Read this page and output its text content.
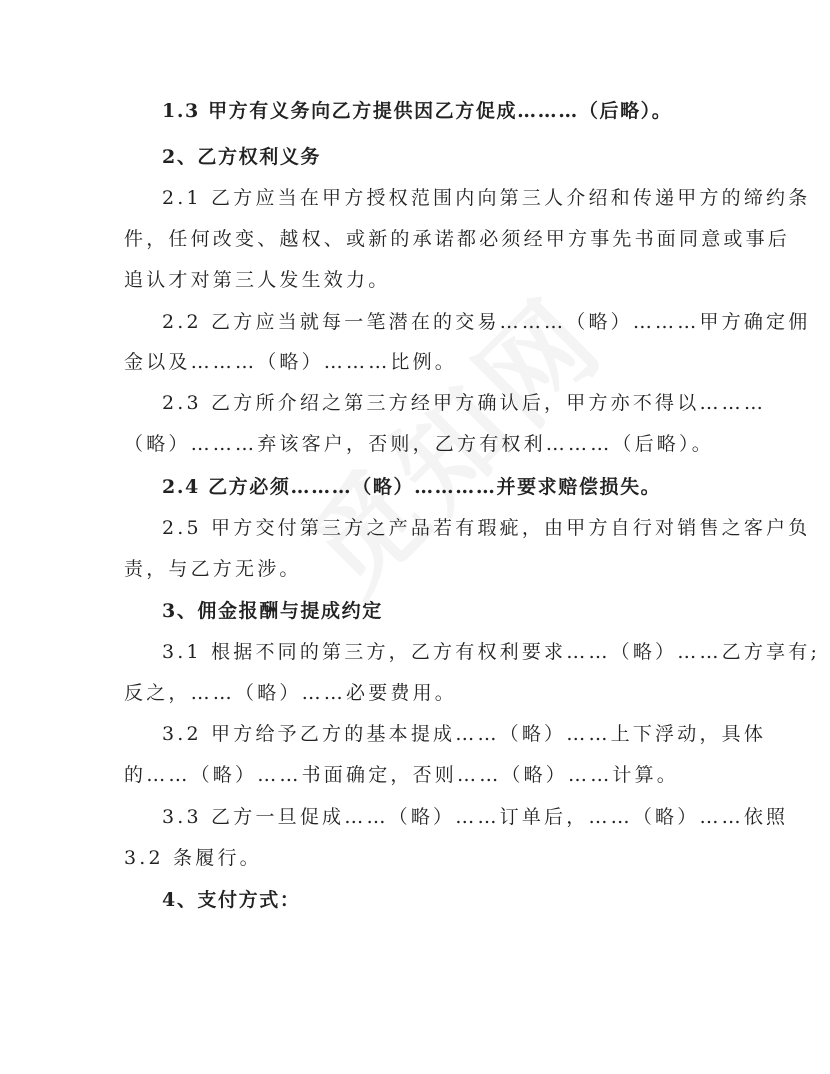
1.3 甲方有义务向乙方提供因乙方促成………（后略）。
2、乙方权利义务
2.1 乙方应当在甲方授权范围内向第三人介绍和传递甲方的缔约条
件，任何改变、越权、或新的承诺都必须经甲方事先书面同意或事后
追认才对第三人发生效力。
2.2 乙方应当就每一笔潜在的交易………（略）………甲方确定佣
金以及………（略）………比例。
2.3 乙方所介绍之第三方经甲方确认后，甲方亦不得以………
（略）………弃该客户，否则，乙方有权利………（后略）。
2.4 乙方必须………（略）…………并要求赔偿损失。
2.5 甲方交付第三方之产品若有瑕疵，由甲方自行对销售之客户负
责，与乙方无涉。
3、佣金报酬与提成约定
3.1 根据不同的第三方，乙方有权利要求……（略）……乙方享有;
反之，……（略）……必要费用。
3.2 甲方给予乙方的基本提成……（略）……上下浮动，具体
的……（略）……书面确定，否则……（略）……计算。
3.3 乙方一旦促成……（略）……订单后，……（略）……依照
3.2 条履行。
4、支付方式：
